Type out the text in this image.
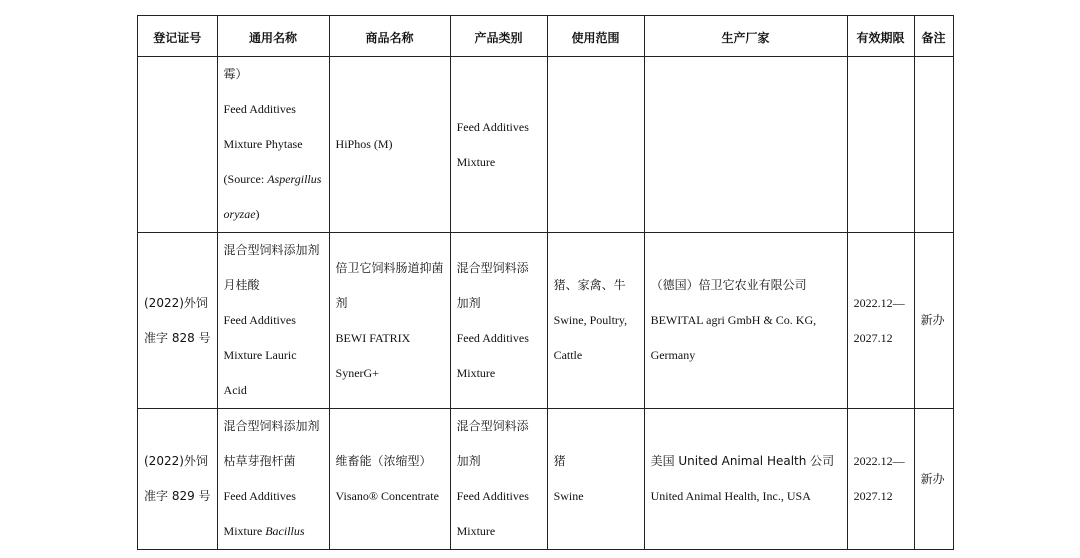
登记证号	通用名称	商品名称	产品类别	使用范围	生产厂家	有效期限	备注

	霉）
Feed Additives
Mixture Phytase
(Source: Aspergillus
oryzae)	HiPhos (M)	Feed Additives
Mixture				

(2022)外饲
准字 828 号	混合型饲料添加剂
月桂酸
Feed Additives
Mixture Lauric
Acid	倍卫它饲料肠道抑菌
剂
BEWI FATRIX
SynerG+	混合型饲料添
加剂
Feed Additives
Mixture	猪、家禽、牛
Swine, Poultry,
Cattle	（德国）倍卫它农业有限公司
BEWITAL agri GmbH & Co. KG,
Germany	2022.12—
2027.12	新办

(2022)外饲
准字 829 号	混合型饲料添加剂
枯草芽孢杆菌
Feed Additives
Mixture Bacillus	维畜能（浓缩型）
Visano® Concentrate	混合型饲料添
加剂
Feed Additives
Mixture	猪
Swine	美国 United Animal Health 公司
United Animal Health, Inc., USA	2022.12—
2027.12	新办
